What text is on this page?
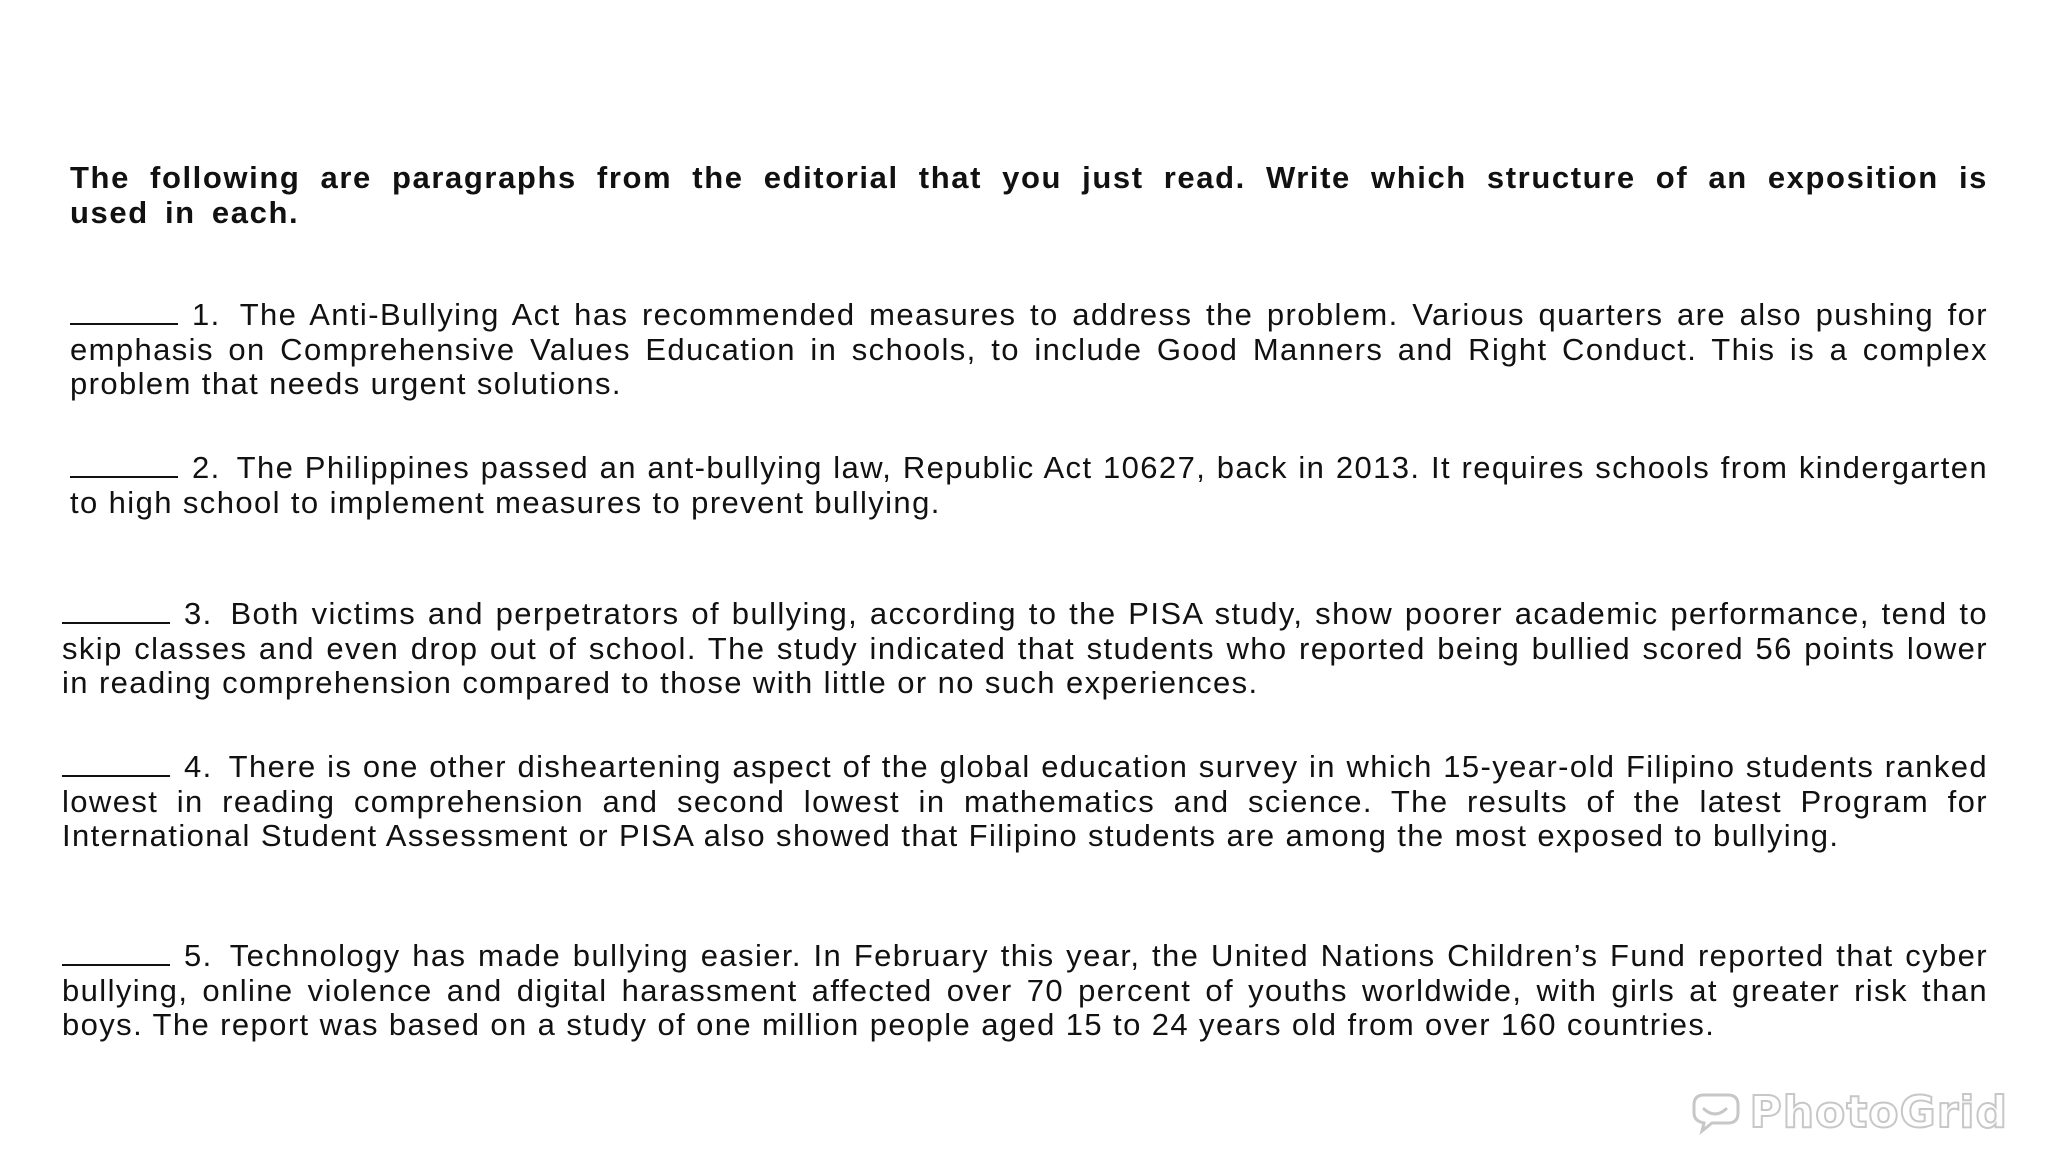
The following are paragraphs from the editorial that you just read. Write which structure of an exposition is used in each.

1. The Anti-Bullying Act has recommended measures to address the problem. Various quarters are also pushing for emphasis on Comprehensive Values Education in schools, to include Good Manners and Right Conduct. This is a complex problem that needs urgent solutions.

2. The Philippines passed an ant-bullying law, Republic Act 10627, back in 2013. It requires schools from kindergarten to high school to implement measures to prevent bullying.

3. Both victims and perpetrators of bullying, according to the PISA study, show poorer academic performance, tend to skip classes and even drop out of school. The study indicated that students who reported being bullied scored 56 points lower in reading comprehension compared to those with little or no such experiences.

4. There is one other disheartening aspect of the global education survey in which 15-year-old Filipino students ranked lowest in reading comprehension and second lowest in mathematics and science. The results of the latest Program for International Student Assessment or PISA also showed that Filipino students are among the most exposed to bullying.

5. Technology has made bullying easier. In February this year, the United Nations Children’s Fund reported that cyber bullying, online violence and digital harassment affected over 70 percent of youths worldwide, with girls at greater risk than boys. The report was based on a study of one million people aged 15 to 24 years old from over 160 countries.

PhotoGrid
